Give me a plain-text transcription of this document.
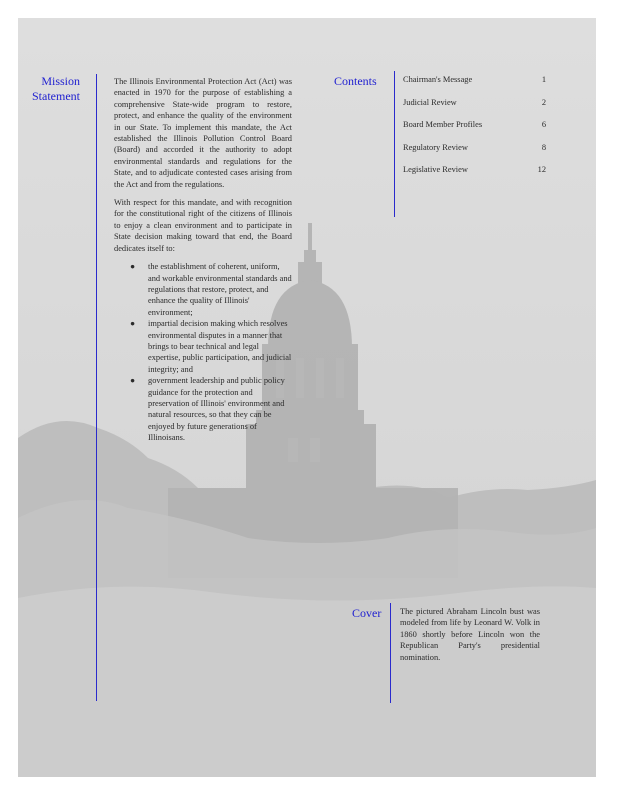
Mission Statement

The Illinois Environmental Protection Act (Act) was enacted in 1970 for the purpose of establishing a comprehensive State-wide program to restore, protect, and enhance the quality of the environment in our State. To implement this mandate, the Act established the Illinois Pollution Control Board (Board) and accorded it the authority to adopt environmental standards and regulations for the State, and to adjudicate contested cases arising from the Act and from the regulations.

With respect for this mandate, and with recognition for the constitutional right of the citizens of Illinois to enjoy a clean environment and to participate in State decision making toward that end, the Board dedicates itself to:

● the establishment of coherent, uniform, and workable environmental standards and regulations that restore, protect, and enhance the quality of Illinois' environment;
● impartial decision making which resolves environmental disputes in a manner that brings to bear technical and legal expertise, public participation, and judicial integrity; and
● government leadership and public policy guidance for the protection and preservation of Illinois' environment and natural resources, so that they can be enjoyed by future generations of Illinoisans.
Contents	Chairman's Message	1
Judicial Review	2
Board Member Profiles	6
Regulatory Review	8
Legislative Review	12
Cover The pictured Abraham Lincoln bust was modeled from life by Leonard W. Volk in 1860 shortly before Lincoln won the Republican Party's presidential nomination.
